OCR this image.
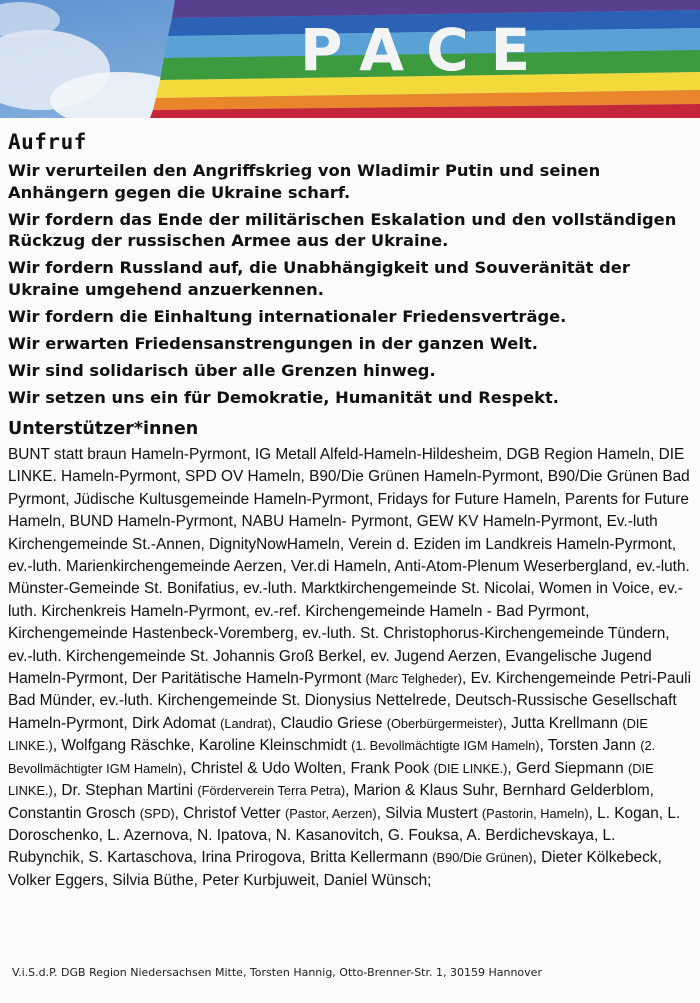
PACE
Aufruf
Wir verurteilen den Angriffskrieg von Wladimir Putin und seinen Anhängern gegen die Ukraine scharf.
Wir fordern das Ende der militärischen Eskalation und den vollständigen Rückzug der russischen Armee aus der Ukraine.
Wir fordern Russland auf, die Unabhängigkeit und Souveränität der Ukraine umgehend anzuerkennen.
Wir fordern die Einhaltung internationaler Friedensverträge.
Wir erwarten Friedensanstrengungen in der ganzen Welt.
Wir sind solidarisch über alle Grenzen hinweg.
Wir setzen uns ein für Demokratie, Humanität und Respekt.
Unterstützer*innen

BUNT statt braun Hameln-Pyrmont, IG Metall Alfeld-Hameln-Hildesheim, DGB Region Hameln, DIE LINKE. Hameln-Pyrmont, SPD OV Hameln, B90/Die Grünen Hameln-Pyrmont, B90/Die Grünen Bad Pyrmont, Jüdische Kultusgemeinde Hameln-Pyrmont, Fridays for Future Hameln, Parents for Future Hameln, BUND Hameln-Pyrmont, NABU Hameln- Pyrmont, GEW KV Hameln-Pyrmont, Ev.-luth Kirchengemeinde St.-Annen, DignityNowHameln, Verein d. Eziden im Landkreis Hameln-Pyrmont, ev.-luth. Marienkirchengemeinde Aerzen, Ver.di Hameln, Anti-Atom-Plenum Weserbergland, ev.-luth. Münster-Gemeinde St. Bonifatius, ev.-luth. Marktkirchengemeinde St. Nicolai, Women in Voice, ev.-luth. Kirchenkreis Hameln-Pyrmont, ev.-ref. Kirchengemeinde Hameln - Bad Pyrmont, Kirchengemeinde Hastenbeck-Voremberg, ev.-luth. St. Christophorus-Kirchengemeinde Tündern, ev.-luth. Kirchengemeinde St. Johannis Groß Berkel, ev. Jugend Aerzen, Evangelische Jugend Hameln-Pyrmont, Der Paritätische Hameln-Pyrmont (Marc Telgheder), Ev. Kirchengemeinde Petri-Pauli Bad Münder, ev.-luth. Kirchengemeinde St. Dionysius Nettelrede, Deutsch-Russische Gesellschaft Hameln-Pyrmont, Dirk Adomat (Landrat), Claudio Griese (Oberbürgermeister), Jutta Krellmann (DIE LINKE.), Wolfgang Räschke, Karoline Kleinschmidt (1. Bevollmächtigte IGM Hameln), Torsten Jann (2. Bevollmächtigter IGM Hameln), Christel & Udo Wolten, Frank Pook (DIE LINKE.), Gerd Siepmann (DIE LINKE.), Dr. Stephan Martini (Förderverein Terra Petra), Marion & Klaus Suhr, Bernhard Gelderblom, Constantin Grosch (SPD), Christof Vetter (Pastor, Aerzen), Silvia Mustert (Pastorin, Hameln), L. Kogan, L. Doroschenko, L. Azernova, N. Ipatova, N. Kasanovitch, G. Fouksa, A. Berdichevskaya, L. Rubynchik, S. Kartaschova, Irina Prirogova, Britta Kellermann (B90/Die Grünen), Dieter Kölkebeck, Volker Eggers, Silvia Büthe, Peter Kurbjuweit, Daniel Wünsch;

V.i.S.d.P. DGB Region Niedersachsen Mitte, Torsten Hannig, Otto-Brenner-Str. 1, 30159 Hannover
